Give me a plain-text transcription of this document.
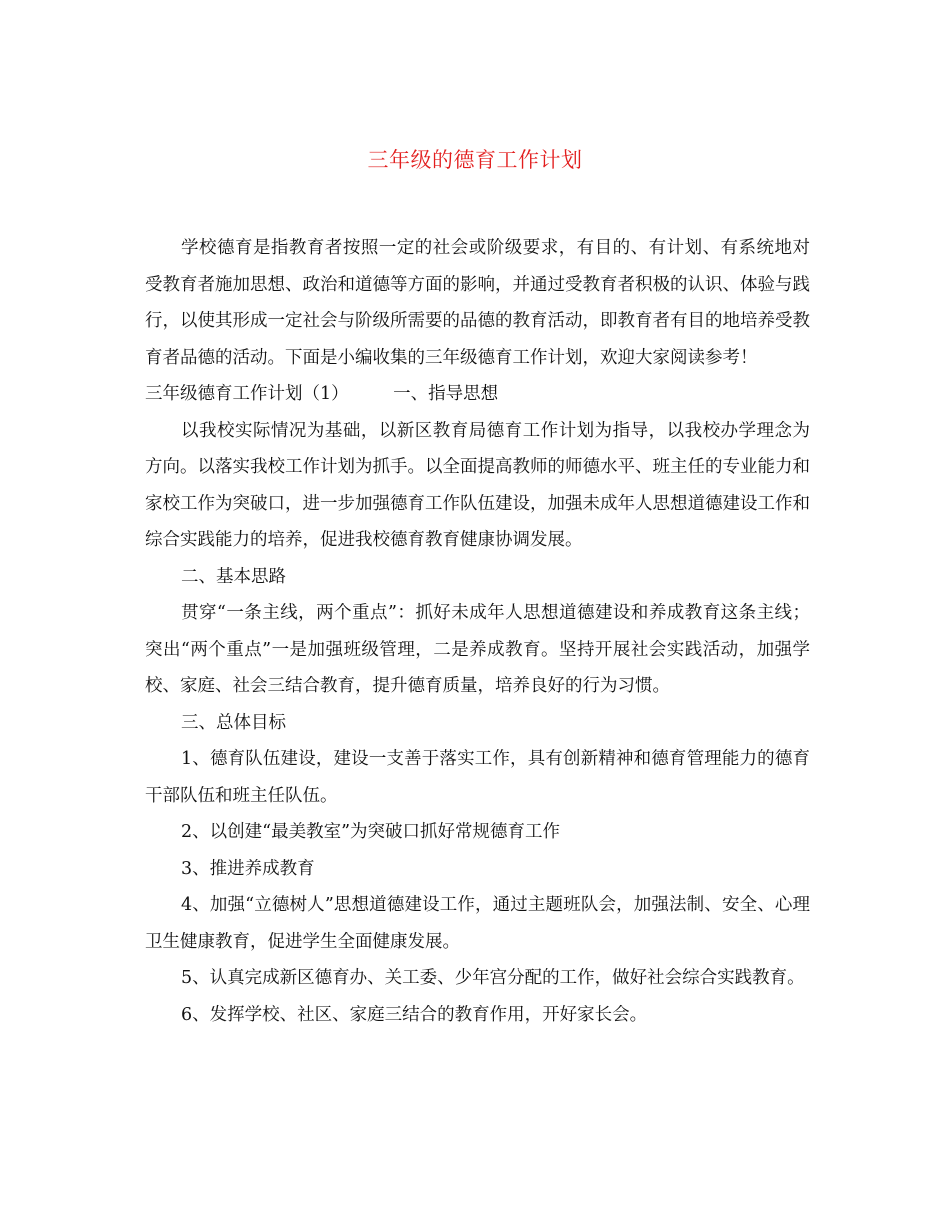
三年级的德育工作计划

学校德育是指教育者按照一定的社会或阶级要求，有目的、有计划、有系统地对受教育者施加思想、政治和道德等方面的影响，并通过受教育者积极的认识、体验与践行，以使其形成一定社会与阶级所需要的品德的教育活动，即教育者有目的地培养受教育者品德的活动。下面是小编收集的三年级德育工作计划，欢迎大家阅读参考！

三年级德育工作计划（1）        一、指导思想

以我校实际情况为基础，以新区教育局德育工作计划为指导，以我校办学理念为方向。以落实我校工作计划为抓手。以全面提高教师的师德水平、班主任的专业能力和家校工作为突破口，进一步加强德育工作队伍建设，加强未成年人思想道德建设工作和综合实践能力的培养，促进我校德育教育健康协调发展。

二、基本思路

贯穿“一条主线，两个重点”：抓好未成年人思想道德建设和养成教育这条主线；突出“两个重点”一是加强班级管理，二是养成教育。坚持开展社会实践活动，加强学校、家庭、社会三结合教育，提升德育质量，培养良好的行为习惯。

三、总体目标

1、德育队伍建设，建设一支善于落实工作，具有创新精神和德育管理能力的德育干部队伍和班主任队伍。

2、以创建“最美教室”为突破口抓好常规德育工作

3、推进养成教育

4、加强“立德树人”思想道德建设工作，通过主题班队会，加强法制、安全、心理卫生健康教育，促进学生全面健康发展。

5、认真完成新区德育办、关工委、少年宫分配的工作，做好社会综合实践教育。

6、发挥学校、社区、家庭三结合的教育作用，开好家长会。
